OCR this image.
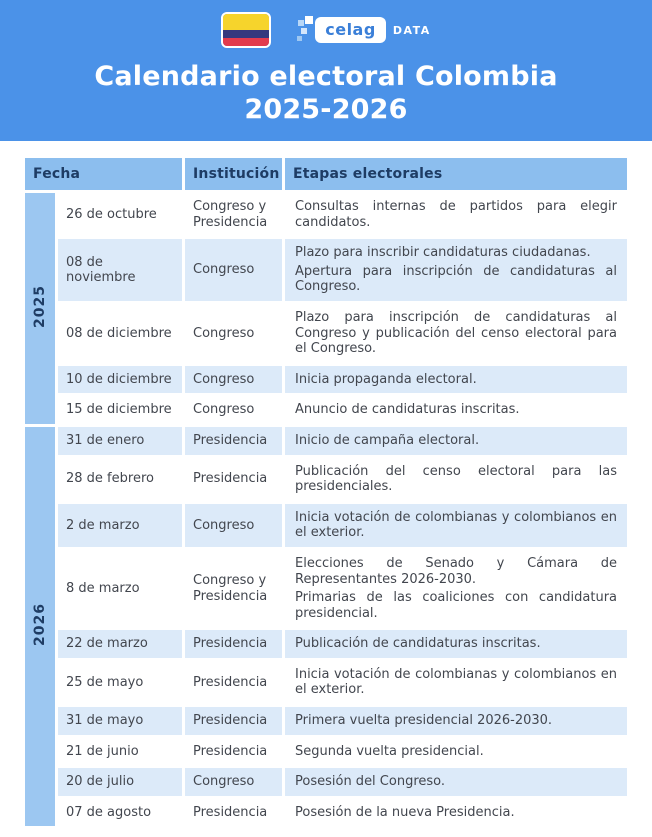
celag	DATA
Calendario electoral Colombia
2025-2026
Fecha		Institución	Etapas electorales
2025	26 de octubre	Congreso y Presidencia	Consultas internas de partidos para elegir candidatos.

	08 de noviembre	Congreso	Plazo para inscribir candidaturas ciudadanas.

Apertura para inscripción de candidaturas al Congreso.

	08 de diciembre	Congreso	Plazo para inscripción de candidaturas al Congreso y publicación del censo electoral para el Congreso.

	10 de diciembre	Congreso	Inicia propaganda electoral.

	15 de diciembre	Congreso	Anuncio de candidaturas inscritas.

2026	31 de enero	Presidencia	Inicio de campaña electoral.

	28 de febrero	Presidencia	Publicación del censo electoral para las presidenciales.

	2 de marzo	Congreso	Inicia votación de colombianas y colombianos en el exterior.

	8 de marzo	Congreso y Presidencia	Elecciones de Senado y Cámara de Representantes 2026-2030.

Primarias de las coaliciones con candidatura presidencial.

	22 de marzo	Presidencia	Publicación de candidaturas inscritas.

	25 de mayo	Presidencia	Inicia votación de colombianas y colombianos en el exterior.

	31 de mayo	Presidencia	Primera vuelta presidencial 2026-2030.

	21 de junio	Presidencia	Segunda vuelta presidencial.

	20 de julio	Congreso	Posesión del Congreso.

	07 de agosto	Presidencia	Posesión de la nueva Presidencia.
